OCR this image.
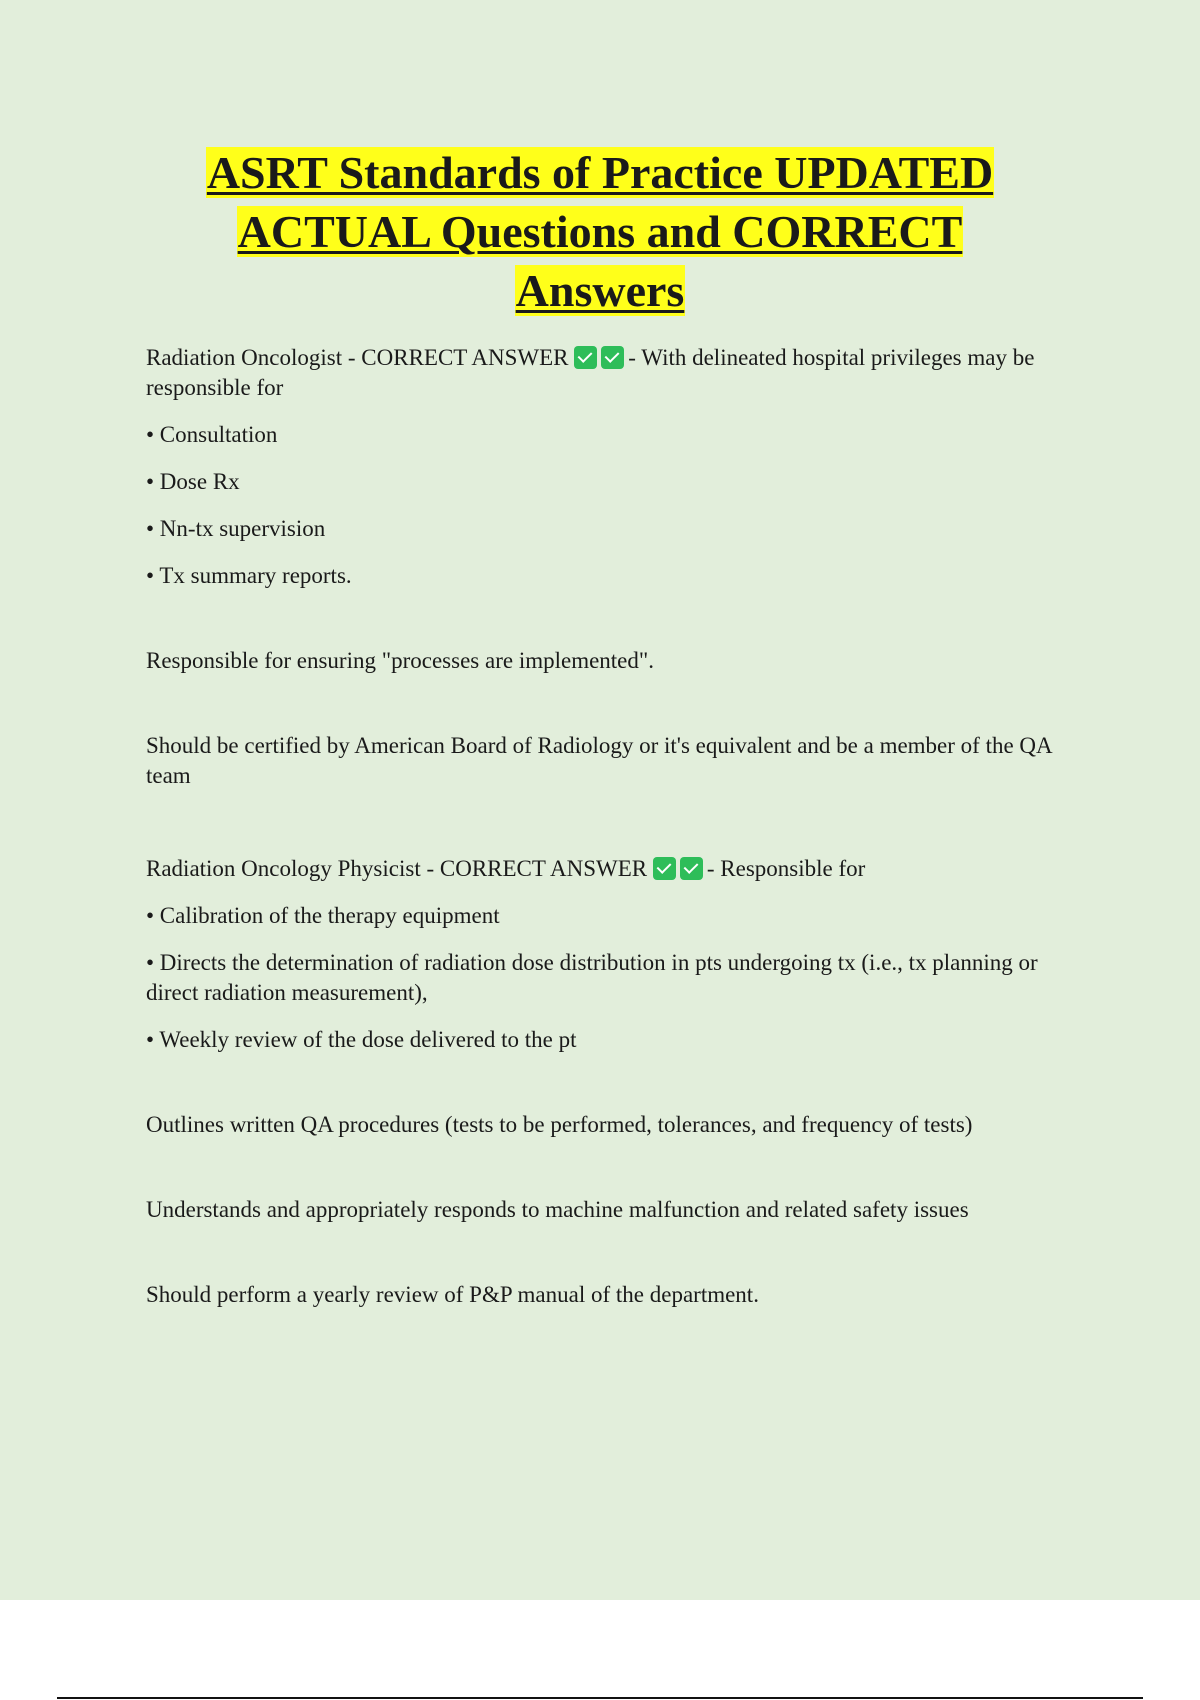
ASRT Standards of Practice UPDATED
ACTUAL Questions and CORRECT
Answers

Radiation Oncologist - CORRECT ANSWER	- With delineated hospital privileges may be responsible for

• Consultation

• Dose Rx

• Nn-tx supervision

• Tx summary reports.

Responsible for ensuring "processes are implemented".

Should be certified by American Board of Radiology or it's equivalent and be a member of the QA team

Radiation Oncology Physicist - CORRECT ANSWER	- Responsible for

• Calibration of the therapy equipment

• Directs the determination of radiation dose distribution in pts undergoing tx (i.e., tx planning or direct radiation measurement),

• Weekly review of the dose delivered to the pt

Outlines written QA procedures (tests to be performed, tolerances, and frequency of tests)

Understands and appropriately responds to machine malfunction and related safety issues

Should perform a yearly review of P&P manual of the department.
